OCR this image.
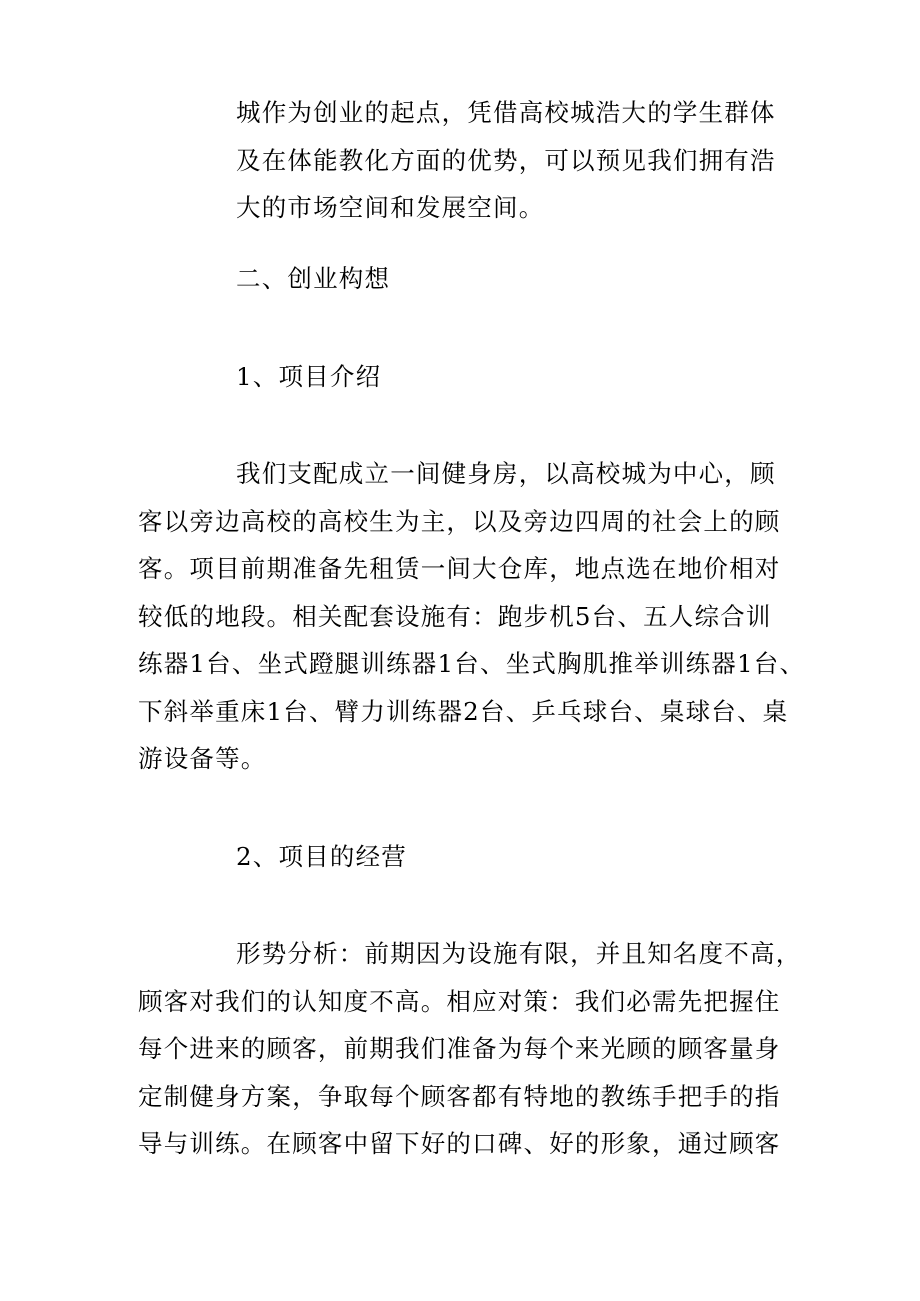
城作为创业的起点，凭借高校城浩大的学生群体
及在体能教化方面的优势，可以预见我们拥有浩
大的市场空间和发展空间。
二、创业构想
1、项目介绍
我们支配成立一间健身房，以高校城为中心，顾
客以旁边高校的高校生为主，以及旁边四周的社会上的顾
客。项目前期准备先租赁一间大仓库，地点选在地价相对
较低的地段。相关配套设施有：跑步机5台、五人综合训
练器1台、坐式蹬腿训练器1台、坐式胸肌推举训练器1台、
下斜举重床1台、臂力训练器2台、乒乓球台、桌球台、桌
游设备等。
2、项目的经营
形势分析：前期因为设施有限，并且知名度不高，
顾客对我们的认知度不高。相应对策：我们必需先把握住
每个进来的顾客，前期我们准备为每个来光顾的顾客量身
定制健身方案，争取每个顾客都有特地的教练手把手的指
导与训练。在顾客中留下好的口碑、好的形象，通过顾客
